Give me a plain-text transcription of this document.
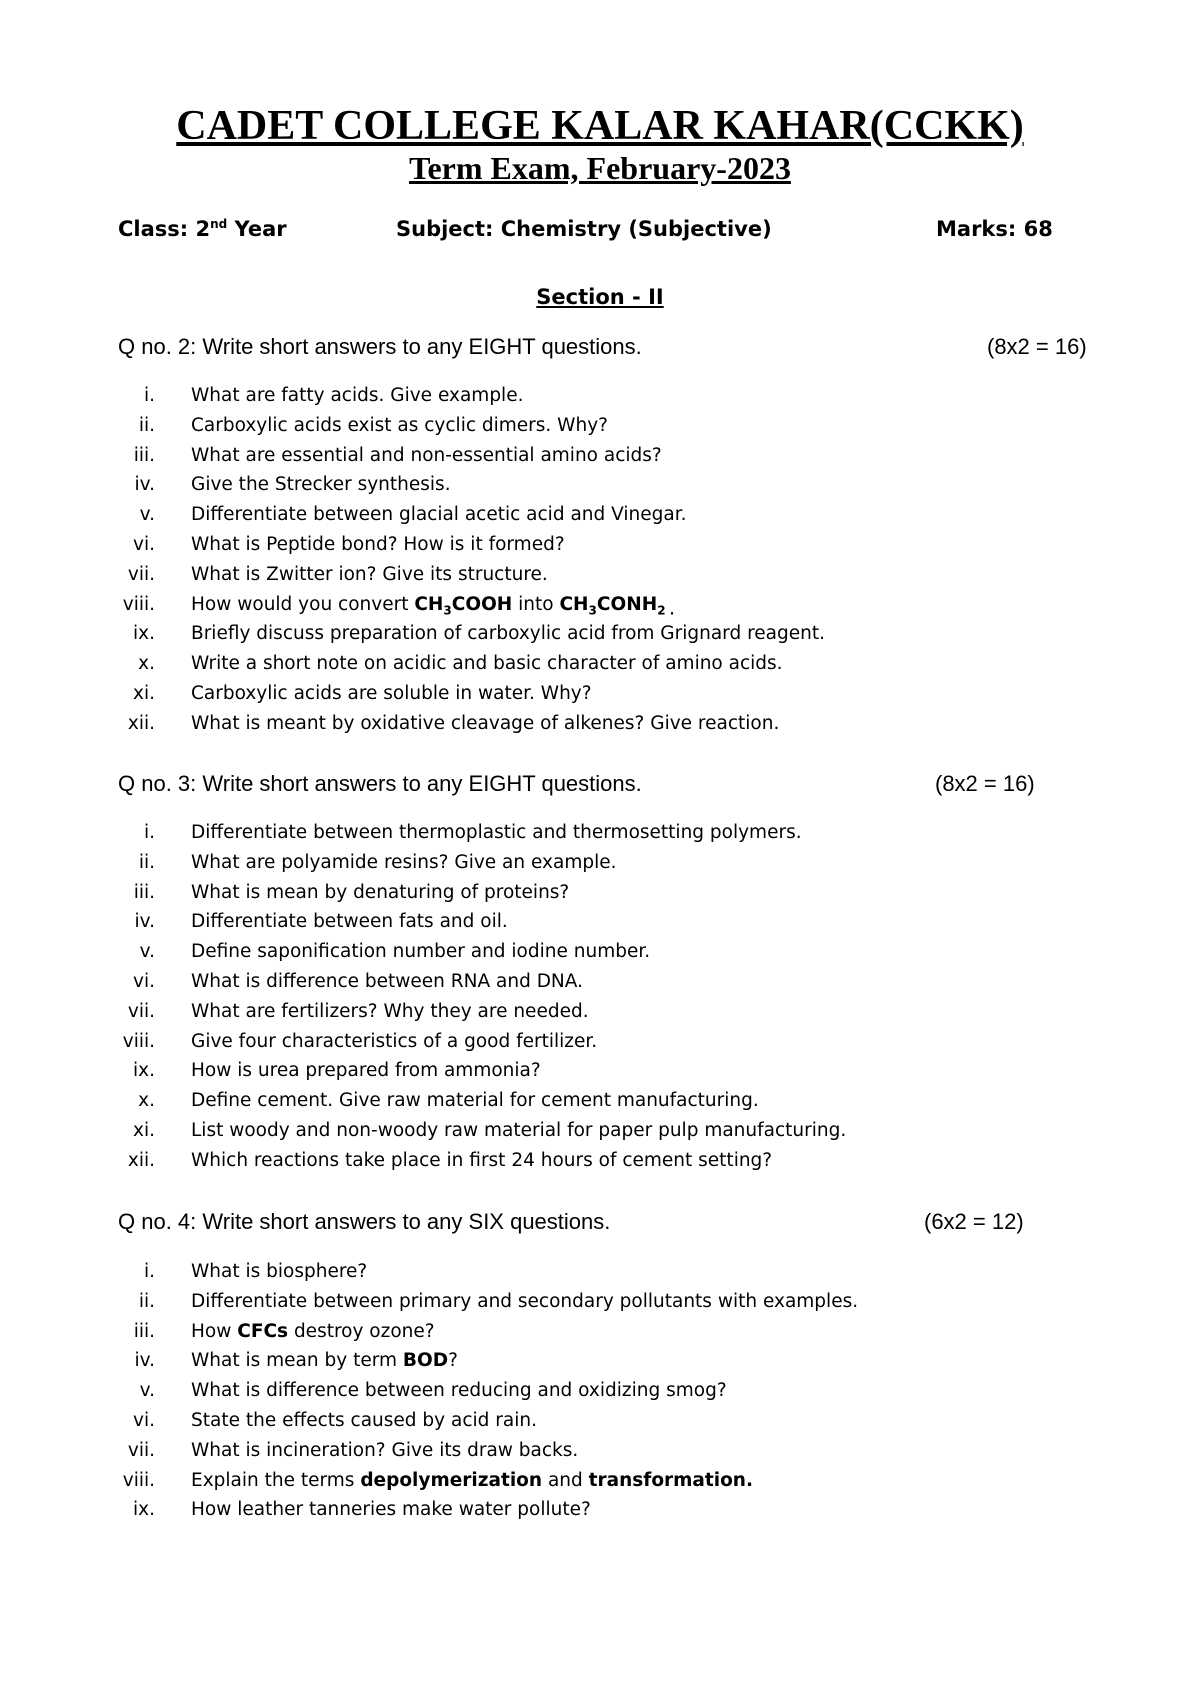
CADET COLLEGE KALAR KAHAR(CCKK)
Term Exam, February-2023
Class: 2nd Year	Subject: Chemistry (Subjective)	Marks: 68
Section - II
Q no. 2: Write short answers to any EIGHT questions.	(8x2 = 16)
i. What are fatty acids. Give example.
ii. Carboxylic acids exist as cyclic dimers. Why?
iii. What are essential and non-essential amino acids?
iv. Give the Strecker synthesis.
v. Differentiate between glacial acetic acid and Vinegar.
vi. What is Peptide bond? How is it formed?
vii. What is Zwitter ion? Give its structure.
viii. How would you convert $CH_3COOH$ into $CH_3CONH_{2 .}$
ix. Briefly discuss preparation of carboxylic acid from Grignard reagent.
x. Write a short note on acidic and basic character of amino acids.
xi. Carboxylic acids are soluble in water. Why?
xii. What is meant by oxidative cleavage of alkenes? Give reaction.
Q no. 3: Write short answers to any EIGHT questions.	(8x2 = 16)
i. Differentiate between thermoplastic and thermosetting polymers.
ii. What are polyamide resins? Give an example.
iii. What is mean by denaturing of proteins?
iv. Differentiate between fats and oil.
v. Define saponification number and iodine number.
vi. What is difference between RNA and DNA.
vii. What are fertilizers? Why they are needed.
viii. Give four characteristics of a good fertilizer.
ix. How is urea prepared from ammonia?
x. Define cement. Give raw material for cement manufacturing.
xi. List woody and non-woody raw material for paper pulp manufacturing.
xii. Which reactions take place in first 24 hours of cement setting?
Q no. 4: Write short answers to any SIX questions.	(6x2 = 12)
i. What is biosphere?
ii. Differentiate between primary and secondary pollutants with examples.
iii. How CFCs destroy ozone?
iv. What is mean by term BOD?
v. What is difference between reducing and oxidizing smog?
vi. State the effects caused by acid rain.
vii. What is incineration? Give its draw backs.
viii. Explain the terms depolymerization and transformation.
ix. How leather tanneries make water pollute?
